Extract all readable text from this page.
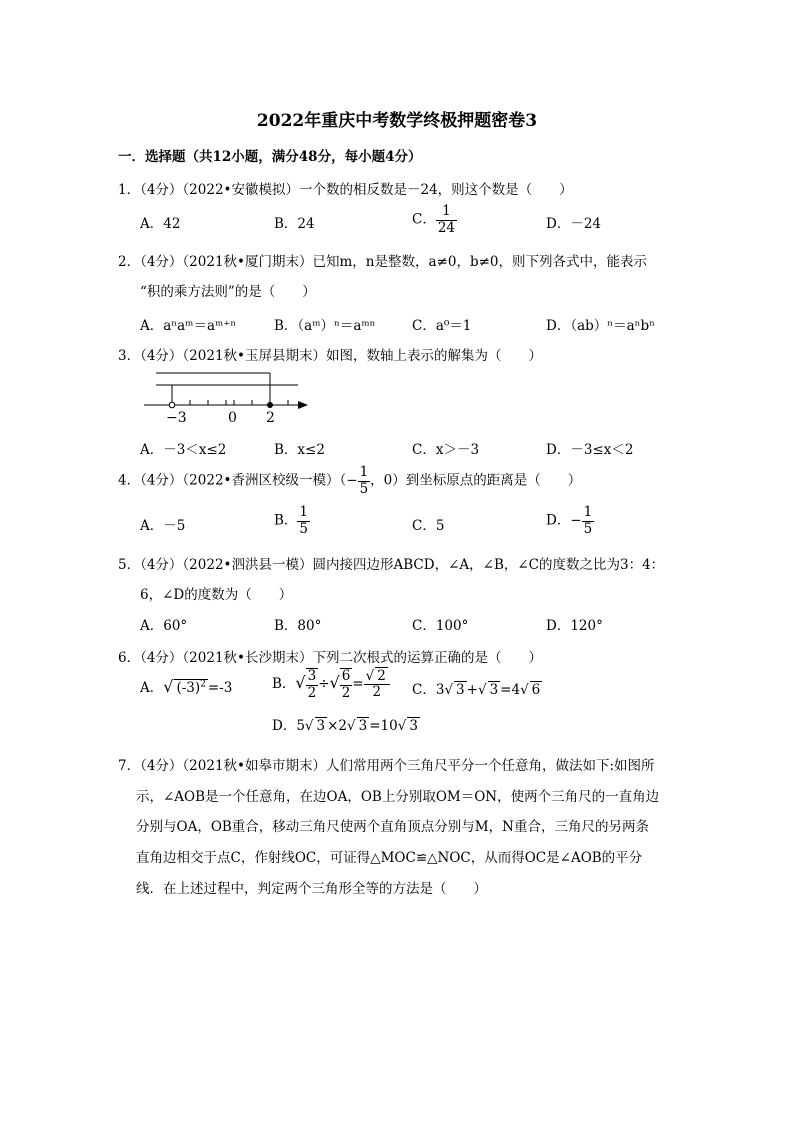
2022年重庆中考数学终极押题密卷3
一．选择题（共12小题，满分48分，每小题4分）
1．（4分）（2022•安徽模拟）一个数的相反数是－24，则这个数是（　　）
A．42	B．24	C． $\frac{1}{24}$	D．－24
2．（4分）（2021秋•厦门期末）已知m，n是整数，a≠0，b≠0，则下列各式中，能表示
“积的乘方法则”的是（　　）
A．aⁿaᵐ＝aᵐ⁺ⁿ	B．（aᵐ）ⁿ＝aᵐⁿ	C．a⁰＝1	D．（ab）ⁿ＝aⁿbⁿ
3．（4分）（2021秋•玉屏县期末）如图，数轴上表示的解集为（　　）
−3	0 2
A．－3＜x≤2	B．x≤2	C．x＞－3	D．－3≤x＜2
4．（4分）（2022•香洲区校级一模）（− $\frac{1}{5}$ ，0）到坐标原点的距离是（　　）
A．－5	B． $\frac{1}{5}$	C．5	D．− $\frac{1}{5}$
5．（4分）（2022•泗洪县一模）圆内接四边形ABCD，∠A，∠B，∠C的度数之比为3：4：
6，∠D的度数为（　　）
A．60°	B．80°	C．100°	D．120°
6．（4分）（2021秋•长沙期末）下列二次根式的运算正确的是（　　）
A．√ $(-3)^2 =-3$	B．√ $\frac{3}{2}$ ÷√ $\frac{6}{2} = \frac{√ 2}{2}$ C．3√ 3 +√ 3 =4√ 6
D．5√ 3 ×2√ 3 =10√ 3
7．（4分）（2021秋•如皋市期末）人们常用两个三角尺平分一个任意角，做法如下:如图所
示，∠AOB是一个任意角，在边OA，OB上分别取OM＝ON，使两个三角尺的一直角边
分别与OA，OB重合，移动三角尺使两个直角顶点分别与M，N重合，三角尺的另两条
直角边相交于点C，作射线OC，可证得△MOC≌△NOC，从而得OC是∠AOB的平分
线．在上述过程中，判定两个三角形全等的方法是（　　）
